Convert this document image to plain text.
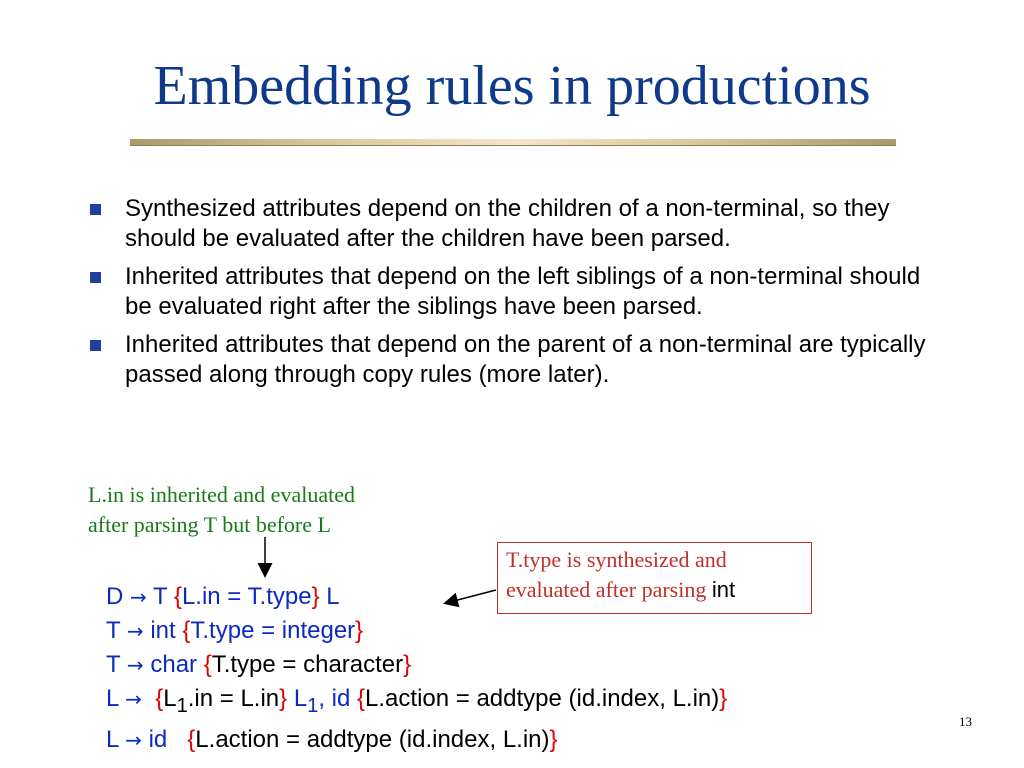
Embedding rules in productions
Synthesized attributes depend on the children of a non-terminal, so they should be evaluated after the children have been parsed.
Inherited attributes that depend on the left siblings of a non-terminal should be evaluated right after the siblings have been parsed.
Inherited attributes that depend on the parent of a non-terminal are typically passed along through copy rules (more later).
L.in is inherited and evaluated
after parsing T but before L
T.type is synthesized and
evaluated after parsing int
D → T {L.in = T.type} L
T → int {T.type = integer}
T → char {T.type = character}
$L \to \{L_1.in = L.in\}$ $L_1$, id {L.action = addtype (id.index, L.in)}
L → id {L.action = addtype (id.index, L.in)}
13
